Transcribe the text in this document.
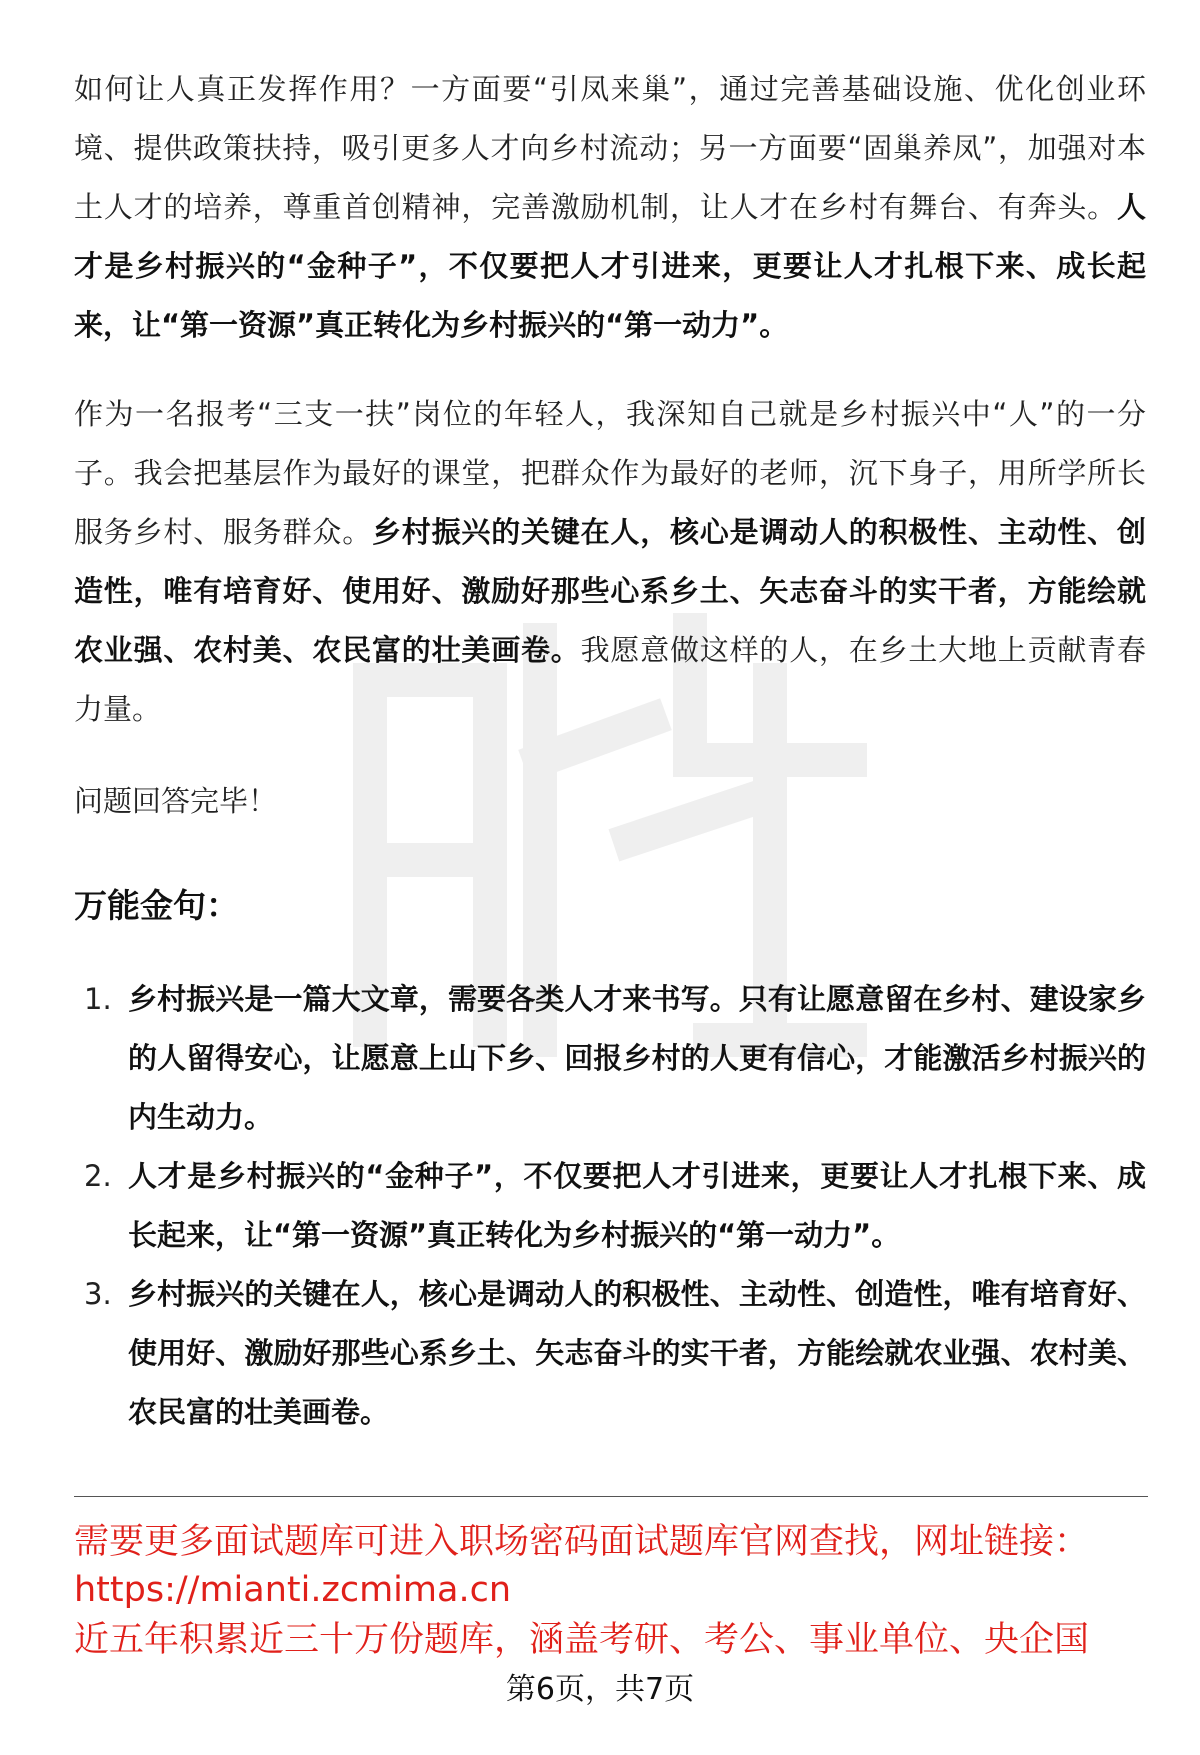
如何让人真正发挥作用？一方面要“引凤来巢”，通过完善基础设施、优化创业环境、提供政策扶持，吸引更多人才向乡村流动；另一方面要“固巢养凤”，加强对本土人才的培养，尊重首创精神，完善激励机制，让人才在乡村有舞台、有奔头。人才是乡村振兴的“金种子”，不仅要把人才引进来，更要让人才扎根下来、成长起来，让“第一资源”真正转化为乡村振兴的“第一动力”。

作为一名报考“三支一扶”岗位的年轻人，我深知自己就是乡村振兴中“人”的一分子。我会把基层作为最好的课堂，把群众作为最好的老师，沉下身子，用所学所长服务乡村、服务群众。乡村振兴的关键在人，核心是调动人的积极性、主动性、创造性，唯有培育好、使用好、激励好那些心系乡土、矢志奋斗的实干者，方能绘就农业强、农村美、农民富的壮美画卷。我愿意做这样的人，在乡土大地上贡献青春力量。

问题回答完毕！

万能金句：
1. 乡村振兴是一篇大文章，需要各类人才来书写。只有让愿意留在乡村、建设家乡的人留得安心，让愿意上山下乡、回报乡村的人更有信心，才能激活乡村振兴的内生动力。
2. 人才是乡村振兴的“金种子”，不仅要把人才引进来，更要让人才扎根下来、成长起来，让“第一资源”真正转化为乡村振兴的“第一动力”。
3. 乡村振兴的关键在人，核心是调动人的积极性、主动性、创造性，唯有培育好、使用好、激励好那些心系乡土、矢志奋斗的实干者，方能绘就农业强、农村美、农民富的壮美画卷。

需要更多面试题库可进入职场密码面试题库官网查找，网址链接：

https://mianti.zcmima.cn

近五年积累近三十万份题库，涵盖考研、考公、事业单位、央企国

第6页，共7页
